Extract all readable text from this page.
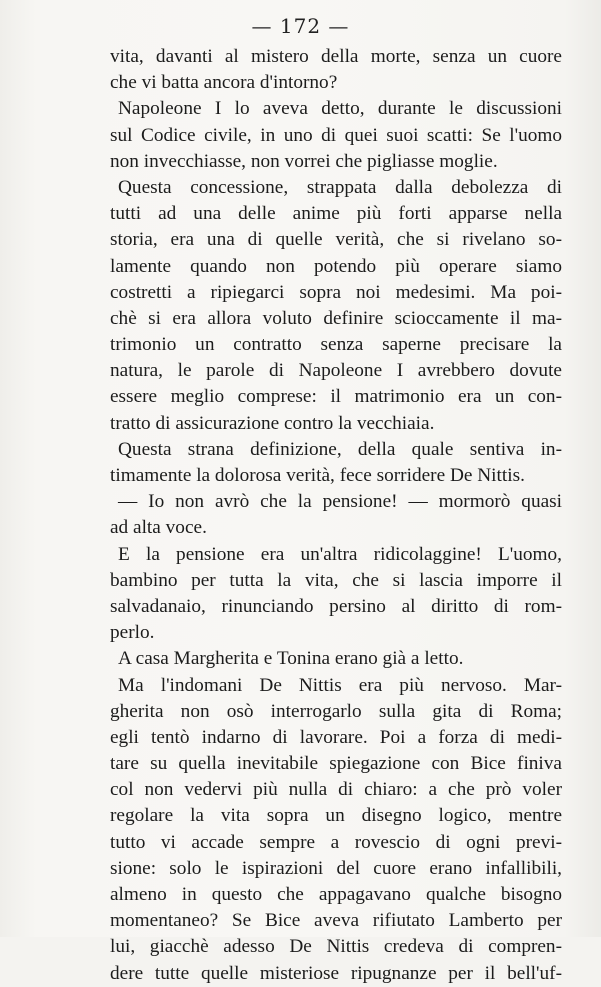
— 172 —
vita, davanti al mistero della morte, senza un cuore
che vi batta ancora d'intorno?
Napoleone I lo aveva detto, durante le discussioni
sul Codice civile, in uno di quei suoi scatti: Se l'uomo
non invecchiasse, non vorrei che pigliasse moglie.
Questa concessione, strappata dalla debolezza di
tutti ad una delle anime più forti apparse nella
storia, era una di quelle verità, che si rivelano so-
lamente quando non potendo più operare siamo
costretti a ripiegarci sopra noi medesimi. Ma poi-
chè si era allora voluto definire scioccamente il ma-
trimonio un contratto senza saperne precisare la
natura, le parole di Napoleone I avrebbero dovute
essere meglio comprese: il matrimonio era un con-
tratto di assicurazione contro la vecchiaia.
Questa strana definizione, della quale sentiva in-
timamente la dolorosa verità, fece sorridere De Nittis.
— Io non avrò che la pensione! — mormorò quasi
ad alta voce.
E la pensione era un'altra ridicolaggine! L'uomo,
bambino per tutta la vita, che si lascia imporre il
salvadanaio, rinunciando persino al diritto di rom-
perlo.
A casa Margherita e Tonina erano già a letto.
Ma l'indomani De Nittis era più nervoso. Mar-
gherita non osò interrogarlo sulla gita di Roma;
egli tentò indarno di lavorare. Poi a forza di medi-
tare su quella inevitabile spiegazione con Bice finiva
col non vedervi più nulla di chiaro: a che prò voler
regolare la vita sopra un disegno logico, mentre
tutto vi accade sempre a rovescio di ogni previ-
sione: solo le ispirazioni del cuore erano infallibili,
almeno in questo che appagavano qualche bisogno
momentaneo? Se Bice aveva rifiutato Lamberto per
lui, giacchè adesso De Nittis credeva di compren-
dere tutte quelle misteriose ripugnanze per il bell'uf-
